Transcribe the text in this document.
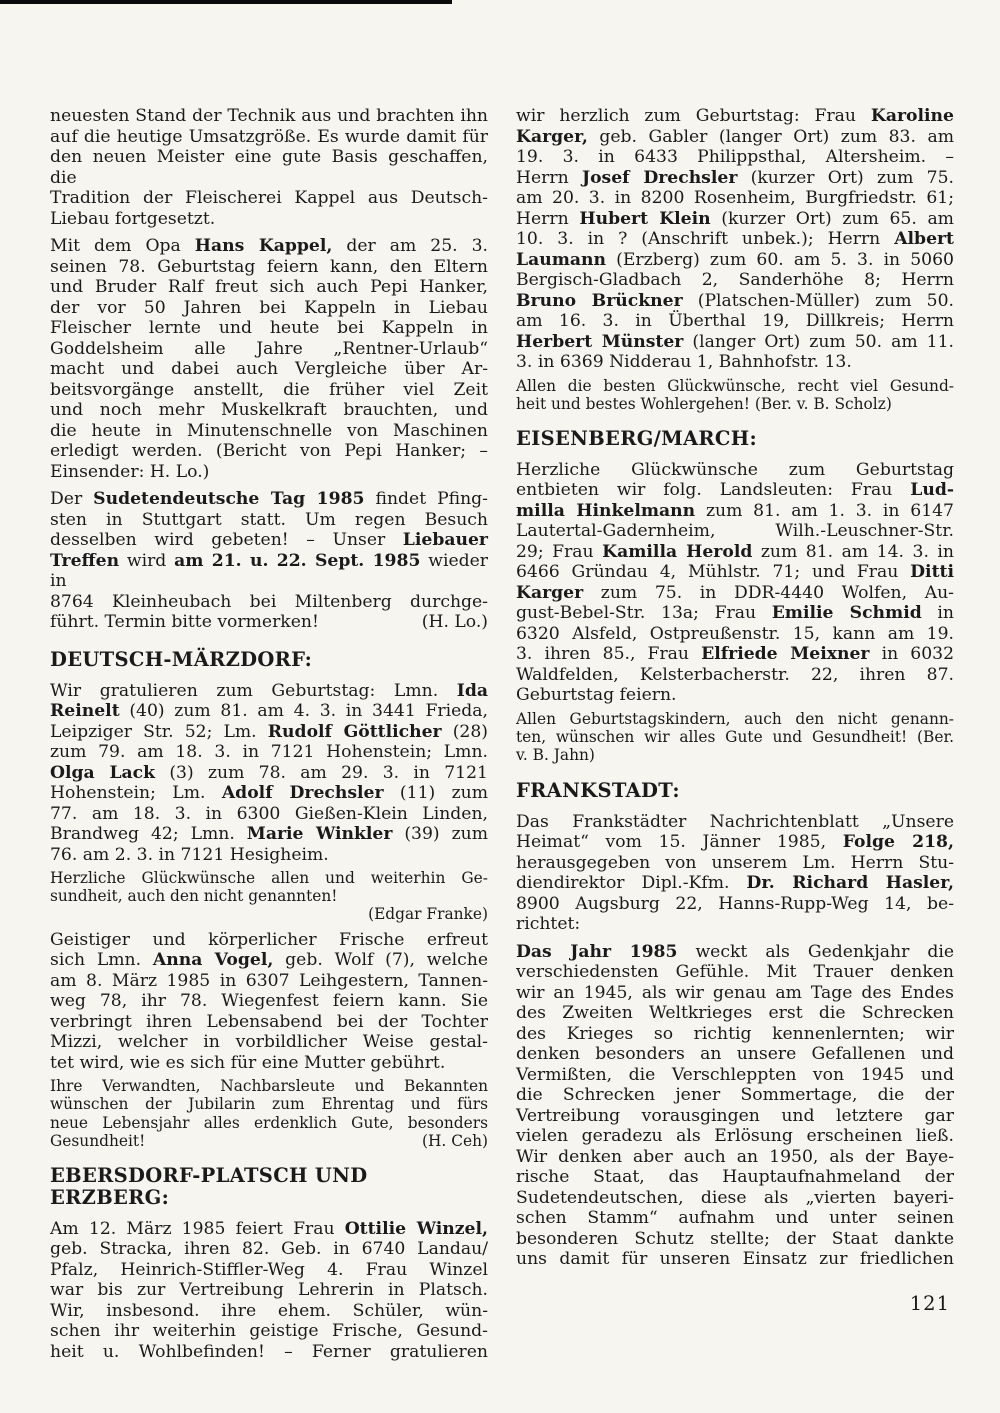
neuesten Stand der Technik aus und brachten ihn
auf die heutige Umsatzgröße. Es wurde damit für
den neuen Meister eine gute Basis geschaffen, die
Tradition der Fleischerei Kappel aus Deutsch-
Liebau fortgesetzt.
Mit dem Opa Hans Kappel, der am 25. 3.
seinen 78. Geburtstag feiern kann, den Eltern
und Bruder Ralf freut sich auch Pepi Hanker,
der vor 50 Jahren bei Kappeln in Liebau
Fleischer lernte und heute bei Kappeln in
Goddelsheim alle Jahre „Rentner-Urlaub“
macht und dabei auch Vergleiche über Ar-
beitsvorgänge anstellt, die früher viel Zeit
und noch mehr Muskelkraft brauchten, und
die heute in Minutenschnelle von Maschinen
erledigt werden. (Bericht von Pepi Hanker; –
Einsender: H. Lo.)
Der Sudetendeutsche Tag 1985 findet Pfing-
sten in Stuttgart statt. Um regen Besuch
desselben wird gebeten! – Unser Liebauer
Treffen wird am 21. u. 22. Sept. 1985 wieder in
8764 Kleinheubach bei Miltenberg durchge-
führt. Termin bitte vormerken!	(H. Lo.)
DEUTSCH-MÄRZDORF:
Wir gratulieren zum Geburtstag: Lmn. Ida
Reinelt (40) zum 81. am 4. 3. in 3441 Frieda,
Leipziger Str. 52; Lm. Rudolf Göttlicher (28)
zum 79. am 18. 3. in 7121 Hohenstein; Lmn.
Olga Lack (3) zum 78. am 29. 3. in 7121
Hohenstein; Lm. Adolf Drechsler (11) zum
77. am 18. 3. in 6300 Gießen-Klein Linden,
Brandweg 42; Lmn. Marie Winkler (39) zum
76. am 2. 3. in 7121 Hesigheim.
Herzliche Glückwünsche allen und weiterhin Ge-
sundheit, auch den nicht genannten!
(Edgar Franke)
Geistiger und körperlicher Frische erfreut
sich Lmn. Anna Vogel, geb. Wolf (7), welche
am 8. März 1985 in 6307 Leihgestern, Tannen-
weg 78, ihr 78. Wiegenfest feiern kann. Sie
verbringt ihren Lebensabend bei der Tochter
Mizzi, welcher in vorbildlicher Weise gestal-
tet wird, wie es sich für eine Mutter gebührt.
Ihre Verwandten, Nachbarsleute und Bekannten
wünschen der Jubilarin zum Ehrentag und fürs
neue Lebensjahr alles erdenklich Gute, besonders
Gesundheit!	(H. Ceh)
EBERSDORF-PLATSCH UND ERZBERG:
Am 12. März 1985 feiert Frau Ottilie Winzel,
geb. Stracka, ihren 82. Geb. in 6740 Landau/
Pfalz, Heinrich-Stiffler-Weg 4. Frau Winzel
war bis zur Vertreibung Lehrerin in Platsch.
Wir, insbesond. ihre ehem. Schüler, wün-
schen ihr weiterhin geistige Frische, Gesund-
heit u. Wohlbefinden! – Ferner gratulieren
wir herzlich zum Geburtstag: Frau Karoline
Karger, geb. Gabler (langer Ort) zum 83. am
19. 3. in 6433 Philippsthal, Altersheim. –
Herrn Josef Drechsler (kurzer Ort) zum 75.
am 20. 3. in 8200 Rosenheim, Burgfriedstr. 61;
Herrn Hubert Klein (kurzer Ort) zum 65. am
10. 3. in ? (Anschrift unbek.); Herrn Albert
Laumann (Erzberg) zum 60. am 5. 3. in 5060
Bergisch-Gladbach 2, Sanderhöhe 8; Herrn
Bruno Brückner (Platschen-Müller) zum 50.
am 16. 3. in Überthal 19, Dillkreis; Herrn
Herbert Münster (langer Ort) zum 50. am 11.
3. in 6369 Nidderau 1, Bahnhofstr. 13.
Allen die besten Glückwünsche, recht viel Gesund-
heit und bestes Wohlergehen! (Ber. v. B. Scholz)
EISENBERG/MARCH:
Herzliche Glückwünsche zum Geburtstag
entbieten wir folg. Landsleuten: Frau Lud-
milla Hinkelmann zum 81. am 1. 3. in 6147
Lautertal-Gadernheim, Wilh.-Leuschner-Str.
29; Frau Kamilla Herold zum 81. am 14. 3. in
6466 Gründau 4, Mühlstr. 71; und Frau Ditti
Karger zum 75. in DDR-4440 Wolfen, Au-
gust-Bebel-Str. 13a; Frau Emilie Schmid in
6320 Alsfeld, Ostpreußenstr. 15, kann am 19.
3. ihren 85., Frau Elfriede Meixner in 6032
Waldfelden, Kelsterbacherstr. 22, ihren 87.
Geburtstag feiern.
Allen Geburtstagskindern, auch den nicht genann-
ten, wünschen wir alles Gute und Gesundheit! (Ber.
v. B. Jahn)
FRANKSTADT:
Das Frankstädter Nachrichtenblatt „Unsere
Heimat“ vom 15. Jänner 1985, Folge 218,
herausgegeben von unserem Lm. Herrn Stu-
diendirektor Dipl.-Kfm. Dr. Richard Hasler,
8900 Augsburg 22, Hanns-Rupp-Weg 14, be-
richtet:
Das Jahr 1985 weckt als Gedenkjahr die
verschiedensten Gefühle. Mit Trauer denken
wir an 1945, als wir genau am Tage des Endes
des Zweiten Weltkrieges erst die Schrecken
des Krieges so richtig kennenlernten; wir
denken besonders an unsere Gefallenen und
Vermißten, die Verschleppten von 1945 und
die Schrecken jener Sommertage, die der
Vertreibung vorausgingen und letztere gar
vielen geradezu als Erlösung erscheinen ließ.
Wir denken aber auch an 1950, als der Baye-
rische Staat, das Hauptaufnahmeland der
Sudetendeutschen, diese als „vierten bayeri-
schen Stamm“ aufnahm und unter seinen
besonderen Schutz stellte; der Staat dankte
uns damit für unseren Einsatz zur friedlichen
121
